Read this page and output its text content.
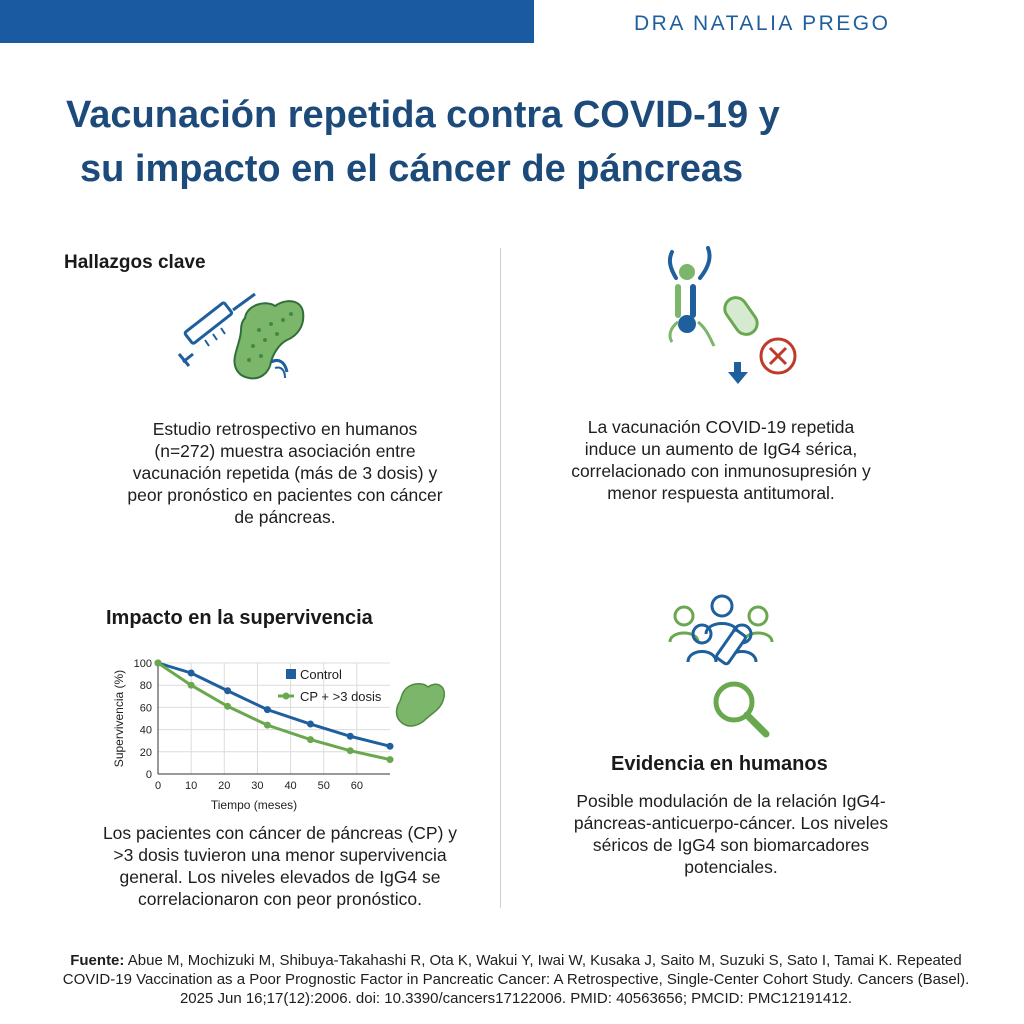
DRA NATALIA PREGO
Vacunación repetida contra COVID-19 y
su impacto en el cáncer de páncreas
Hallazgos clave
Estudio retrospectivo en humanos (n=272) muestra asociación entre vacunación repetida (más de 3 dosis) y peor pronóstico en pacientes con cáncer de páncreas.
La vacunación COVID-19 repetida induce un aumento de IgG4 sérica, correlacionado con inmunosupresión y menor respuesta antitumoral.
Impacto en la supervivencia
0
20
40
60
80
100
0 10 20 30 40 50 60
Tiempo (meses)
Supervivencia (%)	Control
CP + >3 dosis
Los pacientes con cáncer de páncreas (CP) y >3 dosis tuvieron una menor supervivencia general. Los niveles elevados de IgG4 se correlacionaron con peor pronóstico.
Evidencia en humanos
Posible modulación de la relación IgG4-páncreas-anticuerpo-cáncer. Los niveles séricos de IgG4 son biomarcadores potenciales.
Fuente: Abue M, Mochizuki M, Shibuya-Takahashi R, Ota K, Wakui Y, Iwai W, Kusaka J, Saito M, Suzuki S, Sato I, Tamai K. Repeated COVID-19 Vaccination as a Poor Prognostic Factor in Pancreatic Cancer: A Retrospective, Single-Center Cohort Study. Cancers (Basel). 2025 Jun 16;17(12):2006. doi: 10.3390/cancers17122006. PMID: 40563656; PMCID: PMC12191412.
